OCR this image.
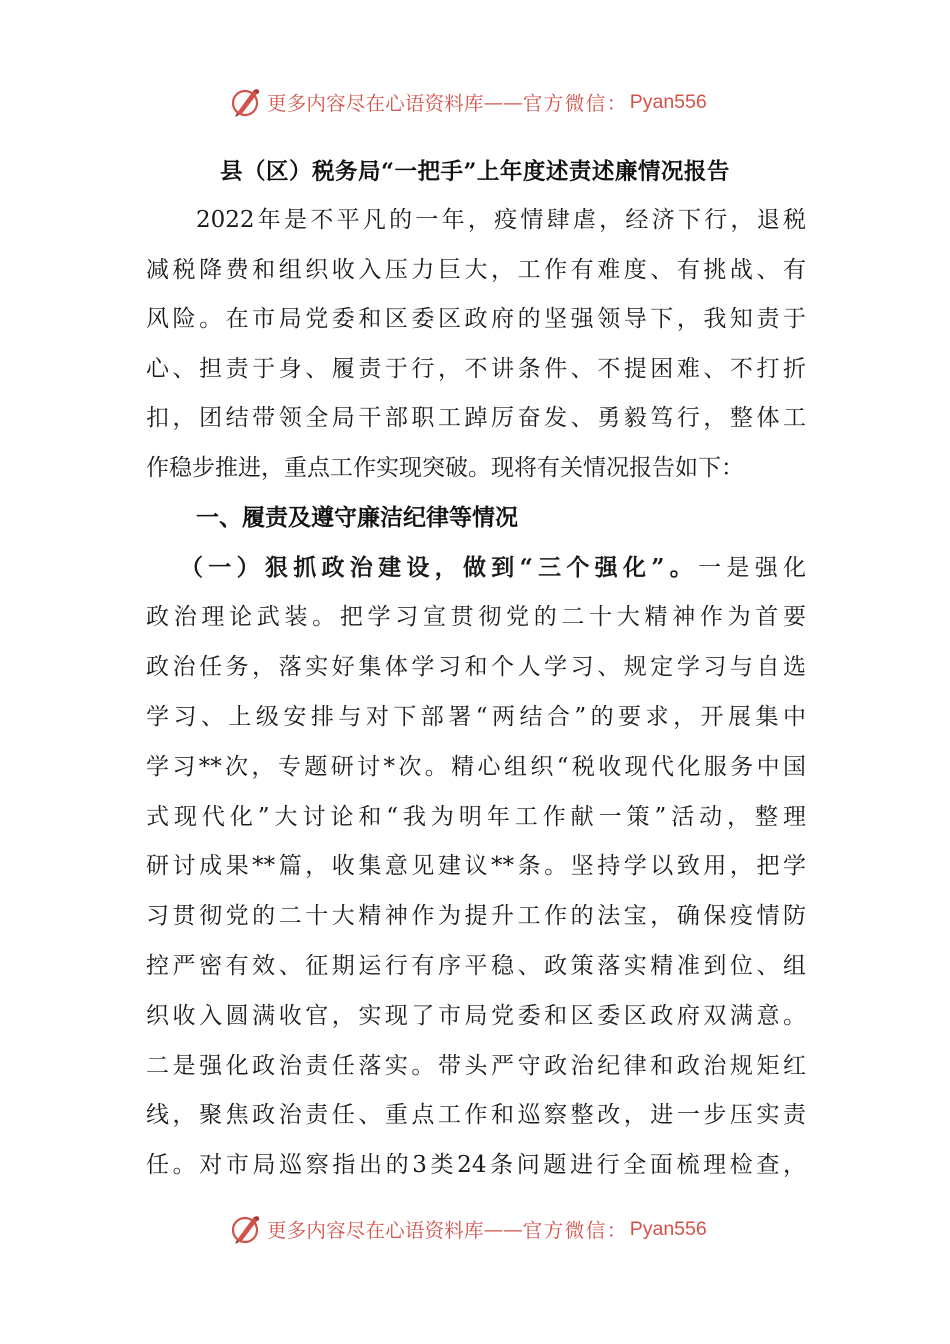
更多内容尽在心语资料库 —— 官方微信： Pyan556
县（区）税务局“一把手”上年度述责述廉情况报告
2022年是不平凡的一年，疫情肆虐，经济下行，退税
减税降费和组织收入压力巨大，工作有难度、有挑战、有
风险。在市局党委和区委区政府的坚强领导下，我知责于
心、担责于身、履责于行，不讲条件、不提困难、不打折
扣，团结带领全局干部职工踔厉奋发、勇毅笃行，整体工
作稳步推进，重点工作实现突破。现将有关情况报告如下：
一、履责及遵守廉洁纪律等情况
（一）狠抓政治建设，做到“三个强化”。一是强化
政治理论武装。把学习宣贯彻党的二十大精神作为首要
政治任务，落实好集体学习和个人学习、规定学习与自选
学习、上级安排与对下部署“两结合”的要求，开展集中
学习**次，专题研讨*次。精心组织“税收现代化服务中国
式现代化”大讨论和“我为明年工作献一策”活动，整理
研讨成果**篇，收集意见建议**条。坚持学以致用，把学
习贯彻党的二十大精神作为提升工作的法宝，确保疫情防
控严密有效、征期运行有序平稳、政策落实精准到位、组
织收入圆满收官，实现了市局党委和区委区政府双满意。
二是强化政治责任落实。带头严守政治纪律和政治规矩红
线，聚焦政治责任、重点工作和巡察整改，进一步压实责
任。对市局巡察指出的3类24条问题进行全面梳理检查，
更多内容尽在心语资料库 —— 官方微信： Pyan556
